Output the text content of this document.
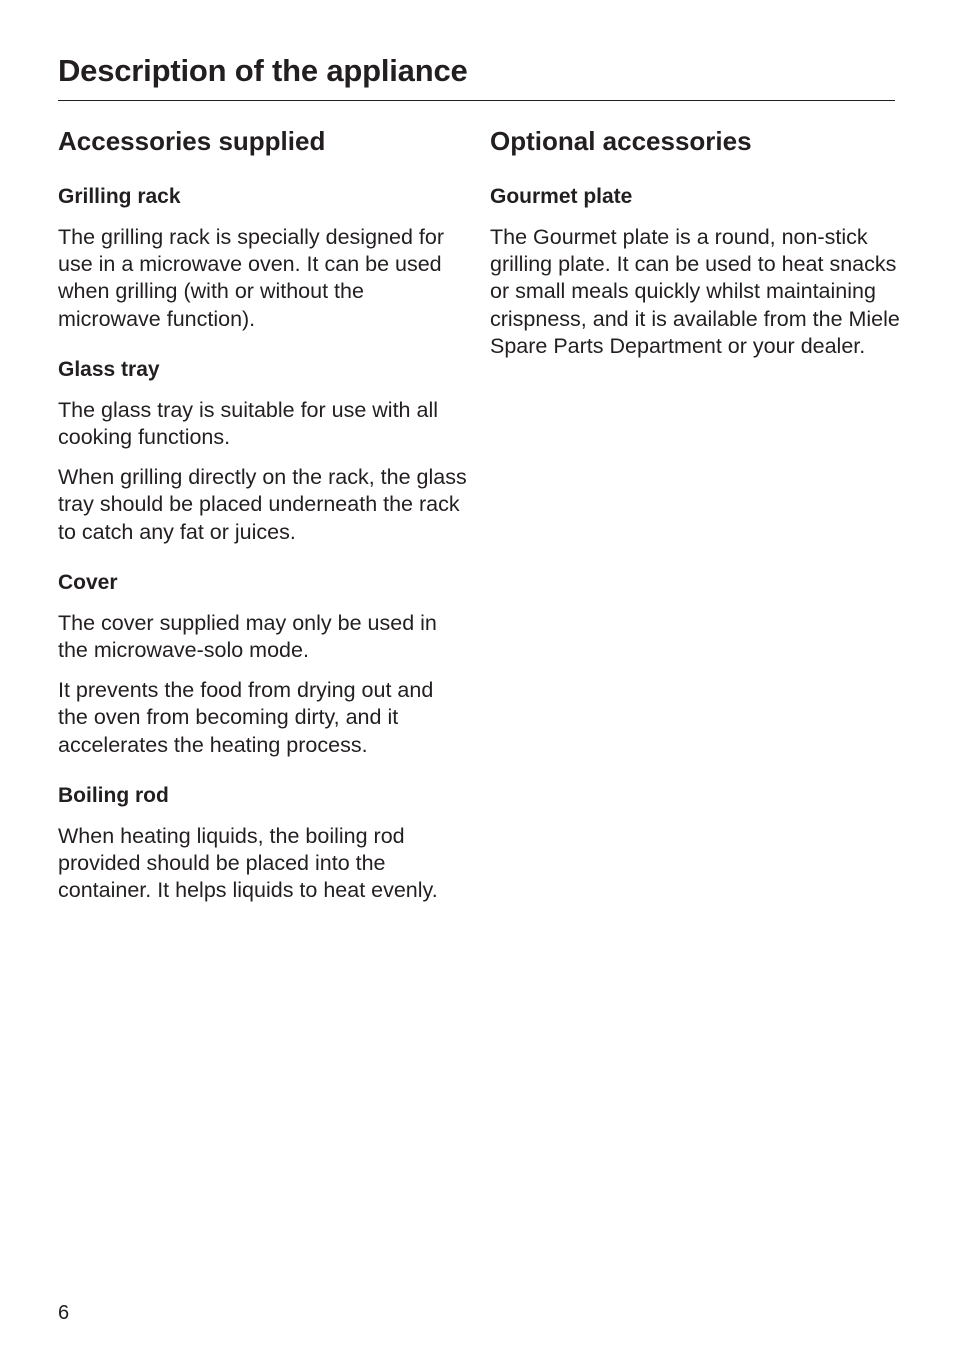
Description of the appliance
Accessories supplied
Grilling rack

The grilling rack is specially designed for use in a microwave oven. It can be used when grilling (with or without the microwave function).

Glass tray

The glass tray is suitable for use with all cooking functions.

When grilling directly on the rack, the glass tray should be placed underneath the rack to catch any fat or juices.

Cover

The cover supplied may only be used in the microwave-solo mode.

It prevents the food from drying out and the oven from becoming dirty, and it accelerates the heating process.

Boiling rod

When heating liquids, the boiling rod provided should be placed into the container. It helps liquids to heat evenly.

Optional accessories
Gourmet plate

The Gourmet plate is a round, non-stick grilling plate. It can be used to heat snacks or small meals quickly whilst maintaining crispness, and it is available from the Miele Spare Parts Department or your dealer.

6
